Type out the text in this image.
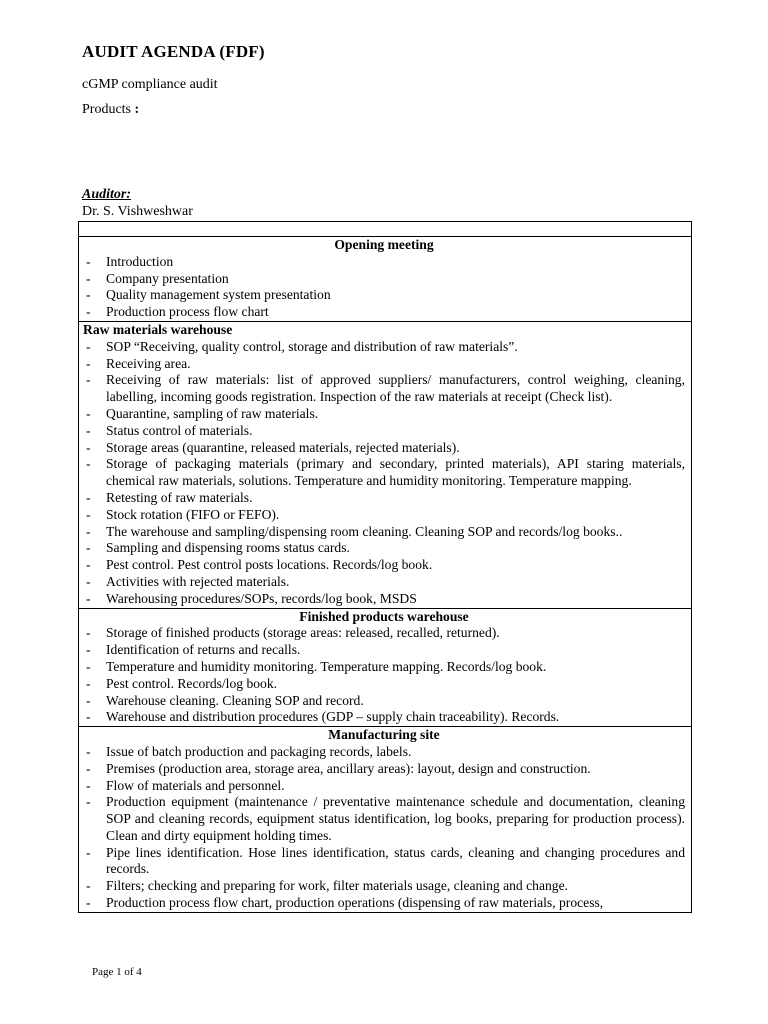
AUDIT AGENDA (FDF)
cGMP compliance audit
Products :
Auditor:
Dr. S. Vishweshwar

Opening meeting
- Introduction
- Company presentation
- Quality management system presentation
- Production process flow chart

Raw materials warehouse
- SOP “Receiving, quality control, storage and distribution of raw materials”.
- Receiving area.
- Receiving of raw materials: list of approved suppliers/ manufacturers, control weighing, cleaning, labelling, incoming goods registration. Inspection of the raw materials at receipt (Check list).
- Quarantine, sampling of raw materials.
- Status control of materials.
- Storage areas (quarantine, released materials, rejected materials).
- Storage of packaging materials (primary and secondary, printed materials), API staring materials, chemical raw materials, solutions. Temperature and humidity monitoring. Temperature mapping.
- Retesting of raw materials.
- Stock rotation (FIFO or FEFO).
- The warehouse and sampling/dispensing room cleaning. Cleaning SOP and records/log books..
- Sampling and dispensing rooms status cards.
- Pest control. Pest control posts locations. Records/log book.
- Activities with rejected materials.
- Warehousing procedures/SOPs, records/log book, MSDS

Finished products warehouse
- Storage of finished products (storage areas: released, recalled, returned).
- Identification of returns and recalls.
- Temperature and humidity monitoring. Temperature mapping. Records/log book.
- Pest control. Records/log book.
- Warehouse cleaning. Cleaning SOP and record.
- Warehouse and distribution procedures (GDP – supply chain traceability). Records.

Manufacturing site
- Issue of batch production and packaging records, labels.
- Premises (production area, storage area, ancillary areas): layout, design and construction.
- Flow of materials and personnel.
- Production equipment (maintenance / preventative maintenance schedule and documentation, cleaning SOP and cleaning records, equipment status identification, log books, preparing for production process). Clean and dirty equipment holding times.
- Pipe lines identification. Hose lines identification, status cards, cleaning and changing procedures and records.
- Filters; checking and preparing for work, filter materials usage, cleaning and change.
- Production process flow chart, production operations (dispensing of raw materials, process,
Page 1 of 4
